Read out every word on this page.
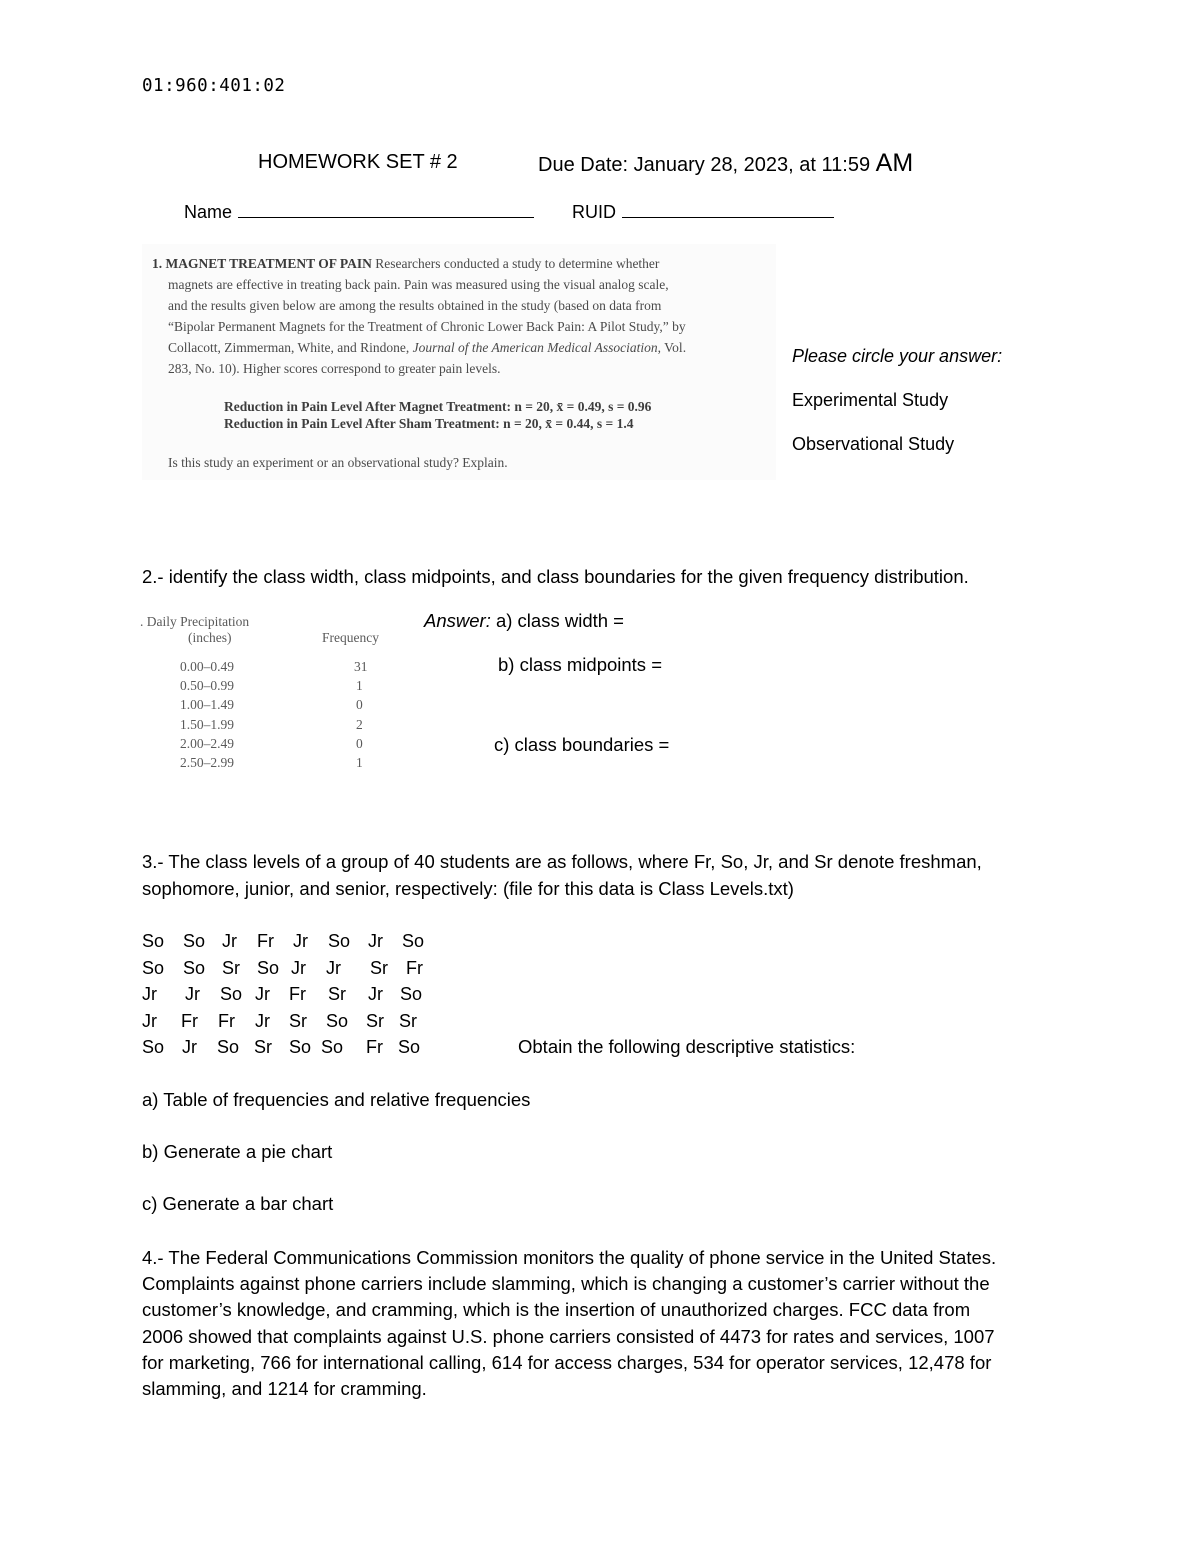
01:960:401:02
HOMEWORK SET # 2	Due Date: January 28, 2023, at 11:59 AM
Name	RUID
1. MAGNET TREATMENT OF PAIN Researchers conducted a study to determine whether
magnets are effective in treating back pain. Pain was measured using the visual analog scale,
and the results given below are among the results obtained in the study (based on data from
“Bipolar Permanent Magnets for the Treatment of Chronic Lower Back Pain: A Pilot Study,” by
Collacott, Zimmerman, White, and Rindone, Journal of the American Medical Association, Vol.
283, No. 10). Higher scores correspond to greater pain levels.
Reduction in Pain Level After Magnet Treatment: n = 20, x̄ = 0.49, s = 0.96
Reduction in Pain Level After Sham Treatment: n = 20, x̄ = 0.44, s = 1.4
Is this study an experiment or an observational study? Explain.
Please circle your answer:
Experimental Study
Observational Study
2.- identify the class width, class midpoints, and class boundaries for the given frequency distribution.
. Daily Precipitation
(inches)	Frequency
0.00–0.49	31
0.50–0.99	1
1.00–1.49	0
1.50–1.99	2
2.00–2.49	0
2.50–2.99	1
Answer: a) class width =
b) class midpoints =
c) class boundaries =
3.- The class levels of a group of 40 students are as follows, where Fr, So, Jr, and Sr denote freshman,
sophomore, junior, and senior, respectively: (file for this data is Class Levels.txt)
So So Jr Fr Jr So Jr So
So So Sr So Jr Jr Sr Fr
Jr Jr So Jr Fr Sr Jr So
Jr Fr Fr Jr Sr So Sr Sr
So Jr So Sr So So Fr So	Obtain the following descriptive statistics:
a) Table of frequencies and relative frequencies
b) Generate a pie chart
c) Generate a bar chart
4.- The Federal Communications Commission monitors the quality of phone service in the United States.
Complaints against phone carriers include slamming, which is changing a customer’s carrier without the
customer’s knowledge, and cramming, which is the insertion of unauthorized charges. FCC data from
2006 showed that complaints against U.S. phone carriers consisted of 4473 for rates and services, 1007
for marketing, 766 for international calling, 614 for access charges, 534 for operator services, 12,478 for
slamming, and 1214 for cramming.
